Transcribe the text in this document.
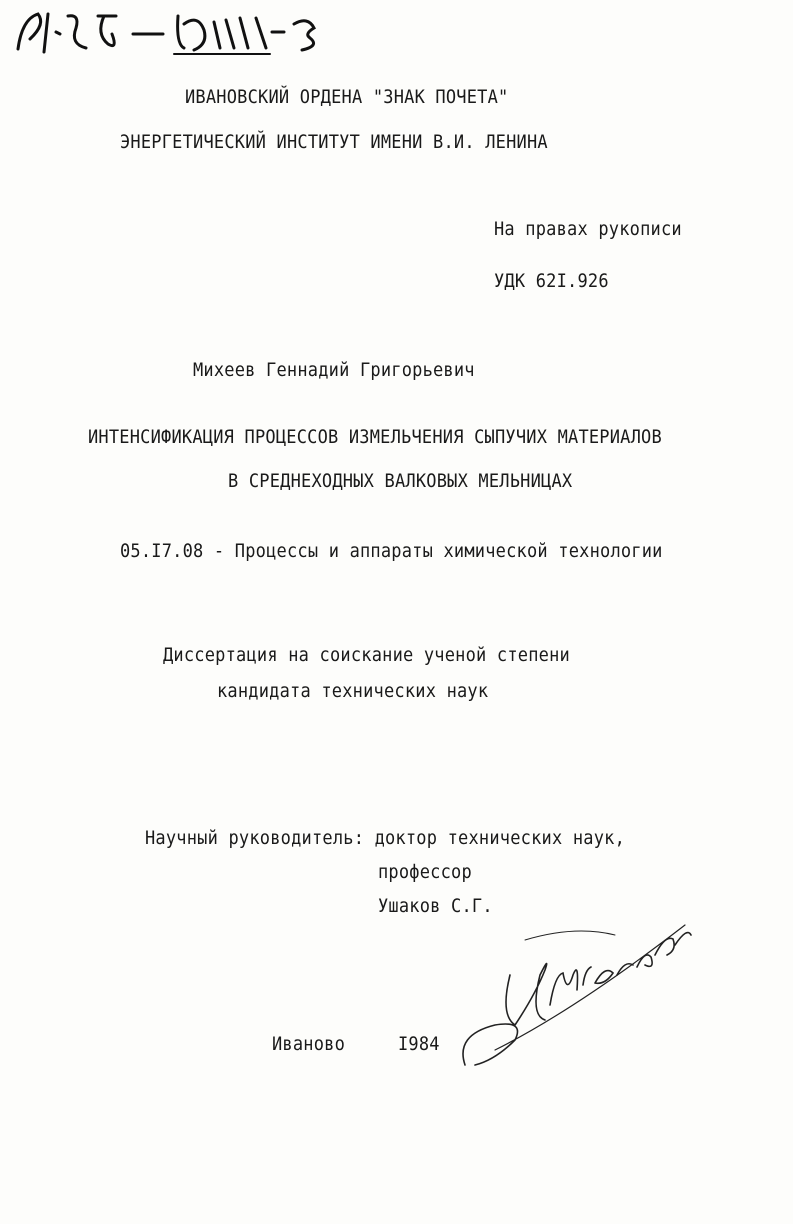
ИВАНОВСКИЙ ОРДЕНА "ЗНАК ПОЧЕТА"
ЭНЕРГЕТИЧЕСКИЙ ИНСТИТУТ ИМЕНИ В.И. ЛЕНИНА
На правах рукописи
УДК 62I.926
Михеев Геннадий Григорьевич
ИНТЕНСИФИКАЦИЯ ПРОЦЕССОВ ИЗМЕЛЬЧЕНИЯ СЫПУЧИХ МАТЕРИАЛОВ
В СРЕДНЕХОДНЫХ ВАЛКОВЫХ МЕЛЬНИЦАХ
05.I7.08 - Процессы и аппараты химической технологии
Диссертация на соискание ученой степени
кандидата технических наук
Научный руководитель: доктор технических наук,
профессор
Ушаков С.Г.
Иваново	I984
